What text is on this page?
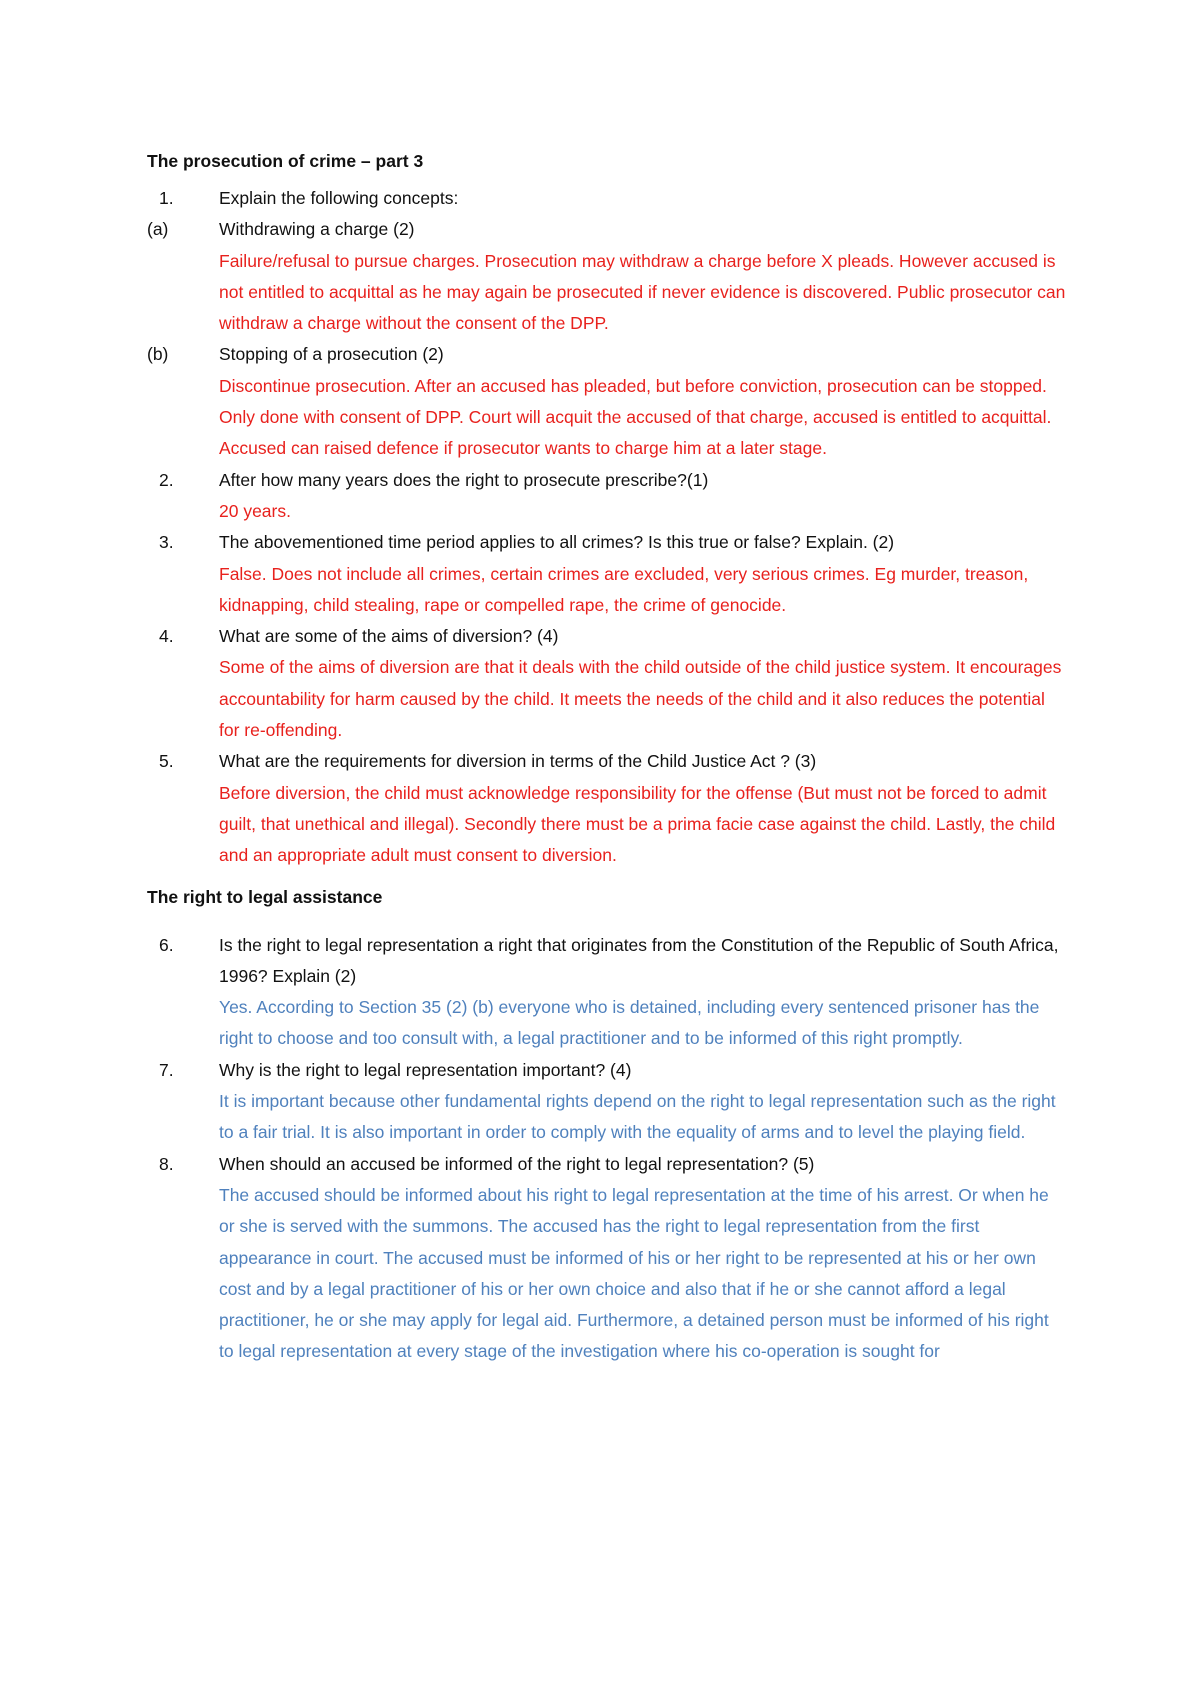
The prosecution of crime – part 3
1.	Explain the following concepts:
(a)	Withdrawing a charge (2)
Failure/refusal to pursue charges. Prosecution may withdraw a charge before X pleads. However accused is not entitled to acquittal as he may again be prosecuted if never evidence is discovered. Public prosecutor can withdraw a charge without the consent of the DPP.
(b)	Stopping of a prosecution (2)
Discontinue prosecution. After an accused has pleaded, but before conviction, prosecution can be stopped. Only done with consent of DPP. Court will acquit the accused of that charge, accused is entitled to acquittal. Accused can raised defence if prosecutor wants to charge him at a later stage.
2.	After how many years does the right to prosecute prescribe?(1)
20 years.
3.	The abovementioned time period applies to all crimes? Is this true or false? Explain. (2)
False. Does not include all crimes, certain crimes are excluded, very serious crimes. Eg murder, treason, kidnapping, child stealing, rape or compelled rape, the crime of genocide.
4.	What are some of the aims of diversion? (4)
Some of the aims of diversion are that it deals with the child outside of the child justice system. It encourages accountability for harm caused by the child. It meets the needs of the child and it also reduces the potential for re-offending.
5.	What are the requirements for diversion in terms of the Child Justice Act ? (3)
Before diversion, the child must acknowledge responsibility for the offense (But must not be forced to admit guilt, that unethical and illegal). Secondly there must be a prima facie case against the child. Lastly, the child and an appropriate adult must consent to diversion.
The right to legal assistance
6.	Is the right to legal representation a right that originates from the Constitution of the Republic of South Africa, 1996? Explain (2)
Yes. According to Section 35 (2) (b) everyone who is detained, including every sentenced prisoner has the right to choose and too consult with, a legal practitioner and to be informed of this right promptly.
7.	Why is the right to legal representation important? (4)
It is important because other fundamental rights depend on the right to legal representation such as the right to a fair trial. It is also important in order to comply with the equality of arms and to level the playing field.
8.	When should an accused be informed of the right to legal representation? (5)
The accused should be informed about his right to legal representation at the time of his arrest. Or when he or she is served with the summons. The accused has the right to legal representation from the first appearance in court. The accused must be informed of his or her right to be represented at his or her own cost and by a legal practitioner of his or her own choice and also that if he or she cannot afford a legal practitioner, he or she may apply for legal aid. Furthermore, a detained person must be informed of his right to legal representation at every stage of the investigation where his co-operation is sought for
